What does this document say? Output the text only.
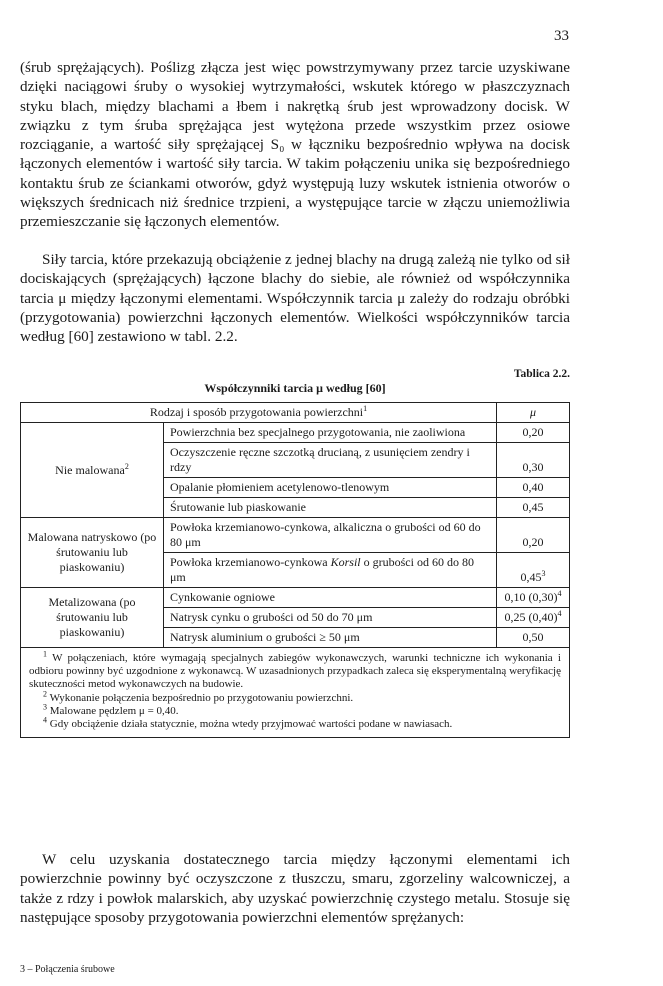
33

(śrub sprężających). Poślizg złącza jest więc powstrzymywany przez tarcie uzyskiwane dzięki naciągowi śruby o wysokiej wytrzymałości, wskutek którego w płaszczyznach styku blach, między blachami a łbem i nakrętką śrub jest wprowadzony docisk. W związku z tym śruba sprężająca jest wytężona przede wszystkim przez osiowe rozciąganie, a wartość siły sprężającej S₀ w łączniku bezpośrednio wpływa na docisk łączonych elementów i wartość siły tarcia. W takim połączeniu unika się bezpośredniego kontaktu śrub ze ściankami otworów, gdyż występują luzy wskutek istnienia otworów o większych średnicach niż średnice trzpieni, a występujące tarcie w złączu uniemożliwia przemieszczanie się łączonych elementów.

Siły tarcia, które przekazują obciążenie z jednej blachy na drugą zależą nie tylko od sił dociskających (sprężających) łączone blachy do siebie, ale również od współczynnika tarcia μ między łączonymi elementami. Współczynnik tarcia μ zależy do rodzaju obróbki (przygotowania) powierzchni łączonych elementów. Wielkości współczynników tarcia według [60] zestawiono w tabl. 2.2.

Tablica 2.2.
Współczynniki tarcia μ według [60]
Rodzaj i sposób przygotowania powierzchni$^1$		μ
Nie malowana$^2$	Powierzchnia bez specjalnego przygotowania, nie zaoliwiona	0,20
	Oczyszczenie ręczne szczotką drucianą, z usunięciem zendry i rdzy	0,30
	Opalanie płomieniem acetylenowo-tlenowym	0,40
	Śrutowanie lub piaskowanie	0,45
Malowana natryskowo (po śrutowaniu lub piaskowaniu)	Powłoka krzemianowo-cynkowa, alkaliczna o grubości od 60 do 80 μm	0,20
	Powłoka krzemianowo-cynkowa Korsil o grubości od 60 do 80 μm	0,45$^3$
Metalizowana (po śrutowaniu lub piaskowaniu)	Cynkowanie ogniowe	0,10 $(0,30)^4$
	Natrysk cynku o grubości od 50 do 70 μm	0,25 $(0,40)^4$
	Natrysk aluminium o grubości ≥ 50 μm	0,50

$^1$ W połączeniach, które wymagają specjalnych zabiegów wykonawczych, warunki techniczne ich wykonania i odbioru powinny być uzgodnione z wykonawcą. W uzasadnionych przypadkach zaleca się eksperymentalną weryfikację skuteczności metod wykonawczych na budowie.
$^2$ Wykonanie połączenia bezpośrednio po przygotowaniu powierzchni.
$^3$ Malowane pędzlem μ = 0,40.
$^4$ Gdy obciążenie działa statycznie, można wtedy przyjmować wartości podane w nawiasach.		

W celu uzyskania dostatecznego tarcia między łączonymi elementami ich powierzchnie powinny być oczyszczone z tłuszczu, smaru, zgorzeliny walcowniczej, a także z rdzy i powłok malarskich, aby uzyskać powierzchnię czystego metalu. Stosuje się następujące sposoby przygotowania powierzchni elementów sprężanych:

3 – Połączenia śrubowe
